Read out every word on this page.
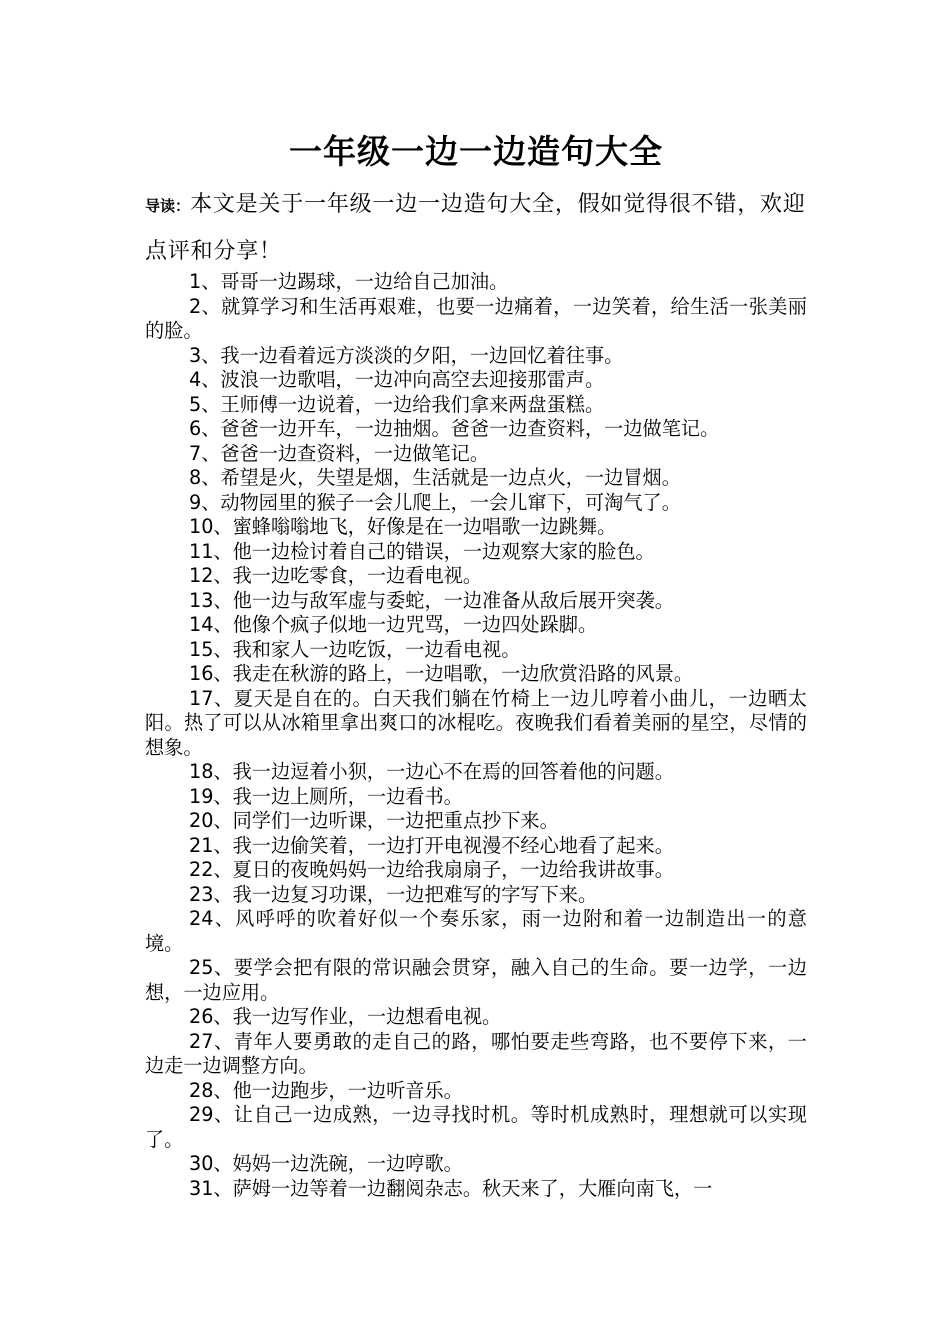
一年级一边一边造句大全

导读：本文是关于一年级一边一边造句大全，假如觉得很不错，欢迎点评和分享！

1、哥哥一边踢球，一边给自己加油。
2、就算学习和生活再艰难，也要一边痛着，一边笑着，给生活一张美丽的脸。
3、我一边看着远方淡淡的夕阳，一边回忆着往事。
4、波浪一边歌唱，一边冲向高空去迎接那雷声。
5、王师傅一边说着，一边给我们拿来两盘蛋糕。
6、爸爸一边开车，一边抽烟。爸爸一边查资料，一边做笔记。
7、爸爸一边查资料，一边做笔记。
8、希望是火，失望是烟，生活就是一边点火，一边冒烟。
9、动物园里的猴子一会儿爬上，一会儿窜下，可淘气了。
10、蜜蜂嗡嗡地飞，好像是在一边唱歌一边跳舞。
11、他一边检讨着自己的错误，一边观察大家的脸色。
12、我一边吃零食，一边看电视。
13、他一边与敌军虚与委蛇，一边准备从敌后展开突袭。
14、他像个疯子似地一边咒骂，一边四处跺脚。
15、我和家人一边吃饭，一边看电视。
16、我走在秋游的路上，一边唱歌，一边欣赏沿路的风景。
17、夏天是自在的。白天我们躺在竹椅上一边儿哼着小曲儿，一边晒太阳。热了可以从冰箱里拿出爽口的冰棍吃。夜晚我们看着美丽的星空，尽情的想象。
18、我一边逗着小狈，一边心不在焉的回答着他的问题。
19、我一边上厕所，一边看书。
20、同学们一边听课，一边把重点抄下来。
21、我一边偷笑着，一边打开电视漫不经心地看了起来。
22、夏日的夜晚妈妈一边给我扇扇子，一边给我讲故事。
23、我一边复习功课，一边把难写的字写下来。
24、风呼呼的吹着好似一个奏乐家，雨一边附和着一边制造出一的意境。
25、要学会把有限的常识融会贯穿，融入自己的生命。要一边学，一边想，一边应用。
26、我一边写作业，一边想看电视。
27、青年人要勇敢的走自己的路，哪怕要走些弯路，也不要停下来，一边走一边调整方向。
28、他一边跑步，一边听音乐。
29、让自己一边成熟，一边寻找时机。等时机成熟时，理想就可以实现了。
30、妈妈一边洗碗，一边哼歌。
31、萨姆一边等着一边翻阅杂志。秋天来了，大雁向南飞，一
